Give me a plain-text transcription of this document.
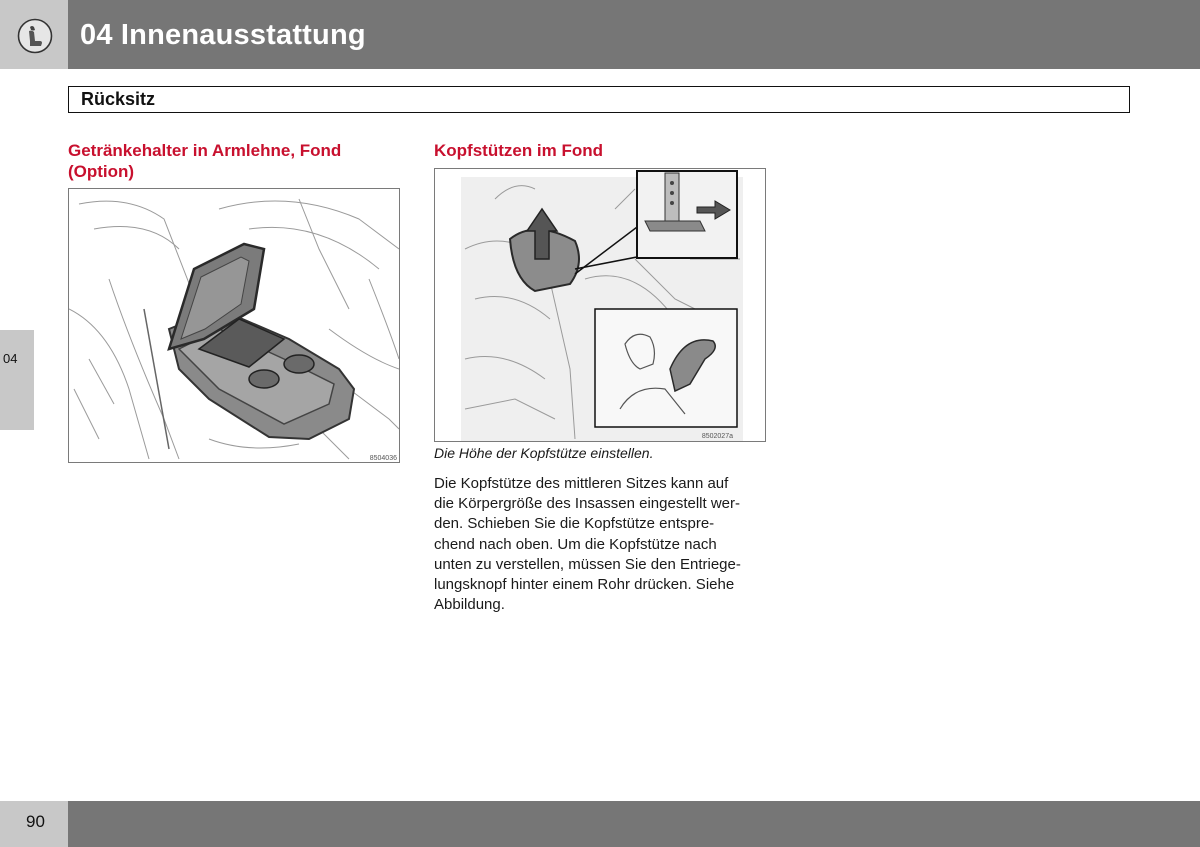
04 Innenausstattung
Rücksitz
04
Getränkehalter in Armlehne, Fond
(Option)
8504036
Kopfstützen im Fond
8502027a
Die Höhe der Kopfstütze einstellen.
Die Kopfstütze des mittleren Sitzes kann auf
die Körpergröße des Insassen eingestellt wer-
den. Schieben Sie die Kopfstütze entspre-
chend nach oben. Um die Kopfstütze nach
unten zu verstellen, müssen Sie den Entriege-
lungsknopf hinter einem Rohr drücken. Siehe
Abbildung.
90
